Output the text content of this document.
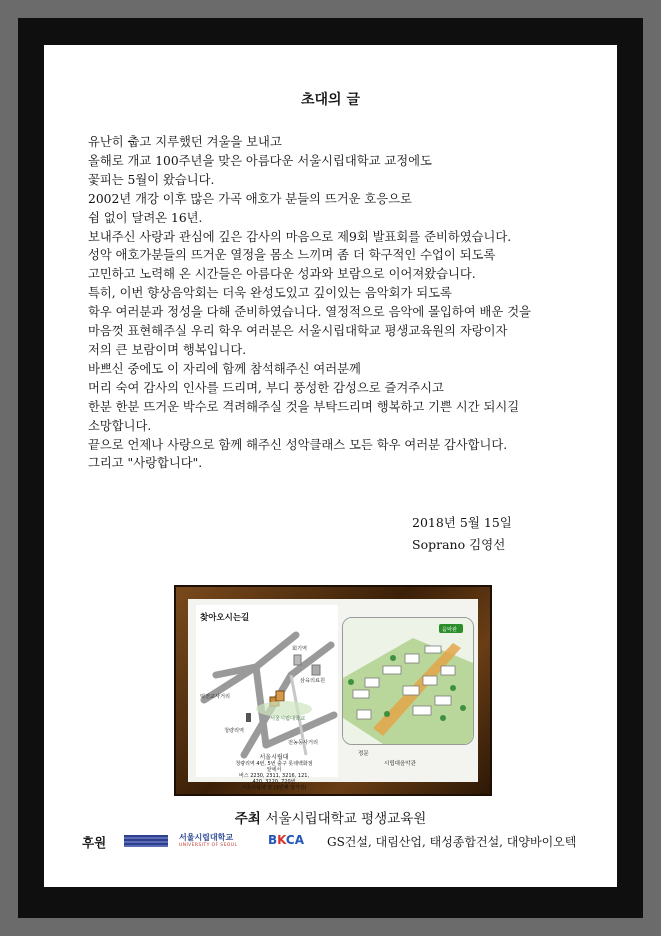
초대의 글
유난히 춥고 지루했던 겨울을 보내고
올해로 개교 100주년을 맞은 아름다운 서울시립대학교 교정에도
꽃피는 5월이 왔습니다.
2002년 개강 이후 많은 가곡 애호가 분들의 뜨거운 호응으로
쉼 없이 달려온 16년.
보내주신 사랑과 관심에 깊은 감사의 마음으로 제9회 발표회를 준비하였습니다.
성악 애호가분들의 뜨거운 열정을 몸소 느끼며 좀 더 학구적인 수업이 되도록
고민하고 노력해 온 시간들은 아름다운 성과와 보람으로 이어져왔습니다.
특히, 이번 향상음악회는 더욱 완성도있고 깊이있는 음악회가 되도록
학우 여러분과 정성을 다해 준비하였습니다. 열정적으로 음악에 몰입하여 배운 것을
마음껏 표현해주실 우리 학우 여러분은 서울시립대학교 평생교육원의 자랑이자
저의 큰 보람이며 행복입니다.
바쁘신 중에도 이 자리에 함께 참석해주신 여러분께
머리 숙여 감사의 인사를 드리며, 부디 풍성한 감성으로 즐겨주시고
한분 한분 뜨거운 박수로 격려해주실 것을 부탁드리며 행복하고 기쁜 시간 되시길
소망합니다.
끝으로 언제나 사랑으로 함께 해주신 성악클래스 모든 학우 여러분 감사합니다.
그리고 "사랑합니다".
2018년 5월 15일
Soprano 김영선
찾아오시는길
회기역
삼육의료원
떡전교사거리
서울시립대학교
청량리역
전농동사거리
서울시립대
청량리역 4번, 5번 출구 롯데백화점 앞에서
버스 2230, 2311, 3216, 121, 420, 3220, 720번
서울시립대 앞 (3번째 정거장)
음악관
정문
시립대음악관
주최 서울시립대학교 평생교육원
후원	서울시립대학교
UNIVERSITY OF SEOUL	BKCA GS건설, 대림산업, 태성종합건설, 대양바이오텍
